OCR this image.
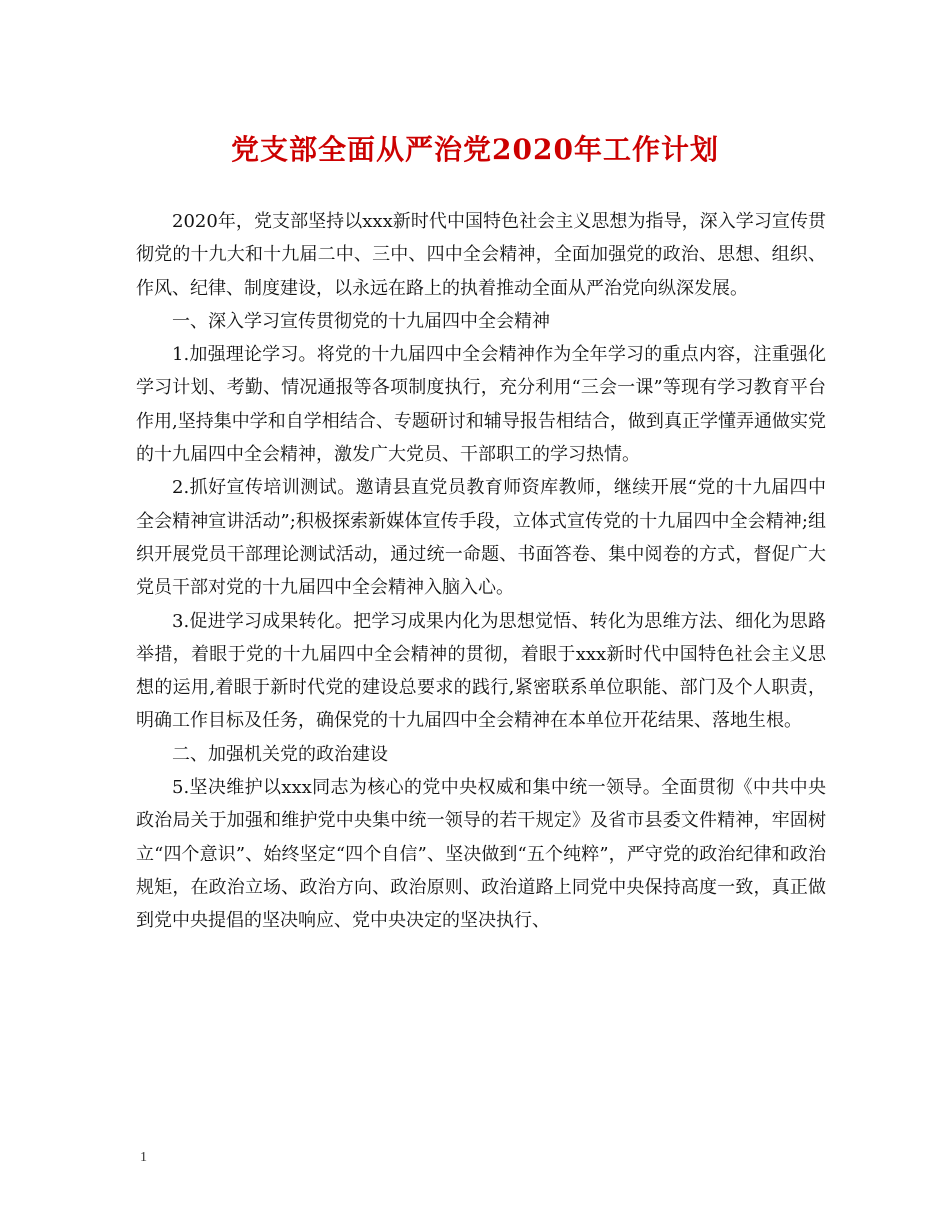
党支部全面从严治党2020年工作计划

2020年，党支部坚持以xxx新时代中国特色社会主义思想为指导，深入学习宣传贯彻党的十九大和十九届二中、三中、四中全会精神，全面加强党的政治、思想、组织、作风、纪律、制度建设，以永远在路上的执着推动全面从严治党向纵深发展。

一、深入学习宣传贯彻党的十九届四中全会精神

1.加强理论学习。将党的十九届四中全会精神作为全年学习的重点内容，注重强化学习计划、考勤、情况通报等各项制度执行，充分利用“三会一课”等现有学习教育平台作用,坚持集中学和自学相结合、专题研讨和辅导报告相结合，做到真正学懂弄通做实党的十九届四中全会精神，激发广大党员、干部职工的学习热情。

2.抓好宣传培训测试。邀请县直党员教育师资库教师，继续开展“党的十九届四中全会精神宣讲活动”;积极探索新媒体宣传手段，立体式宣传党的十九届四中全会精神;组织开展党员干部理论测试活动，通过统一命题、书面答卷、集中阅卷的方式，督促广大党员干部对党的十九届四中全会精神入脑入心。

3.促进学习成果转化。把学习成果内化为思想觉悟、转化为思维方法、细化为思路举措，着眼于党的十九届四中全会精神的贯彻，着眼于xxx新时代中国特色社会主义思想的运用,着眼于新时代党的建设总要求的践行,紧密联系单位职能、部门及个人职责，明确工作目标及任务，确保党的十九届四中全会精神在本单位开花结果、落地生根。

二、加强机关党的政治建设

5.坚决维护以xxx同志为核心的党中央权威和集中统一领导。全面贯彻《中共中央政治局关于加强和维护党中央集中统一领导的若干规定》及省市县委文件精神，牢固树立“四个意识”、始终坚定“四个自信”、坚决做到“五个纯粹”，严守党的政治纪律和政治规矩，在政治立场、政治方向、政治原则、政治道路上同党中央保持高度一致，真正做到党中央提倡的坚决响应、党中央决定的坚决执行、

1
